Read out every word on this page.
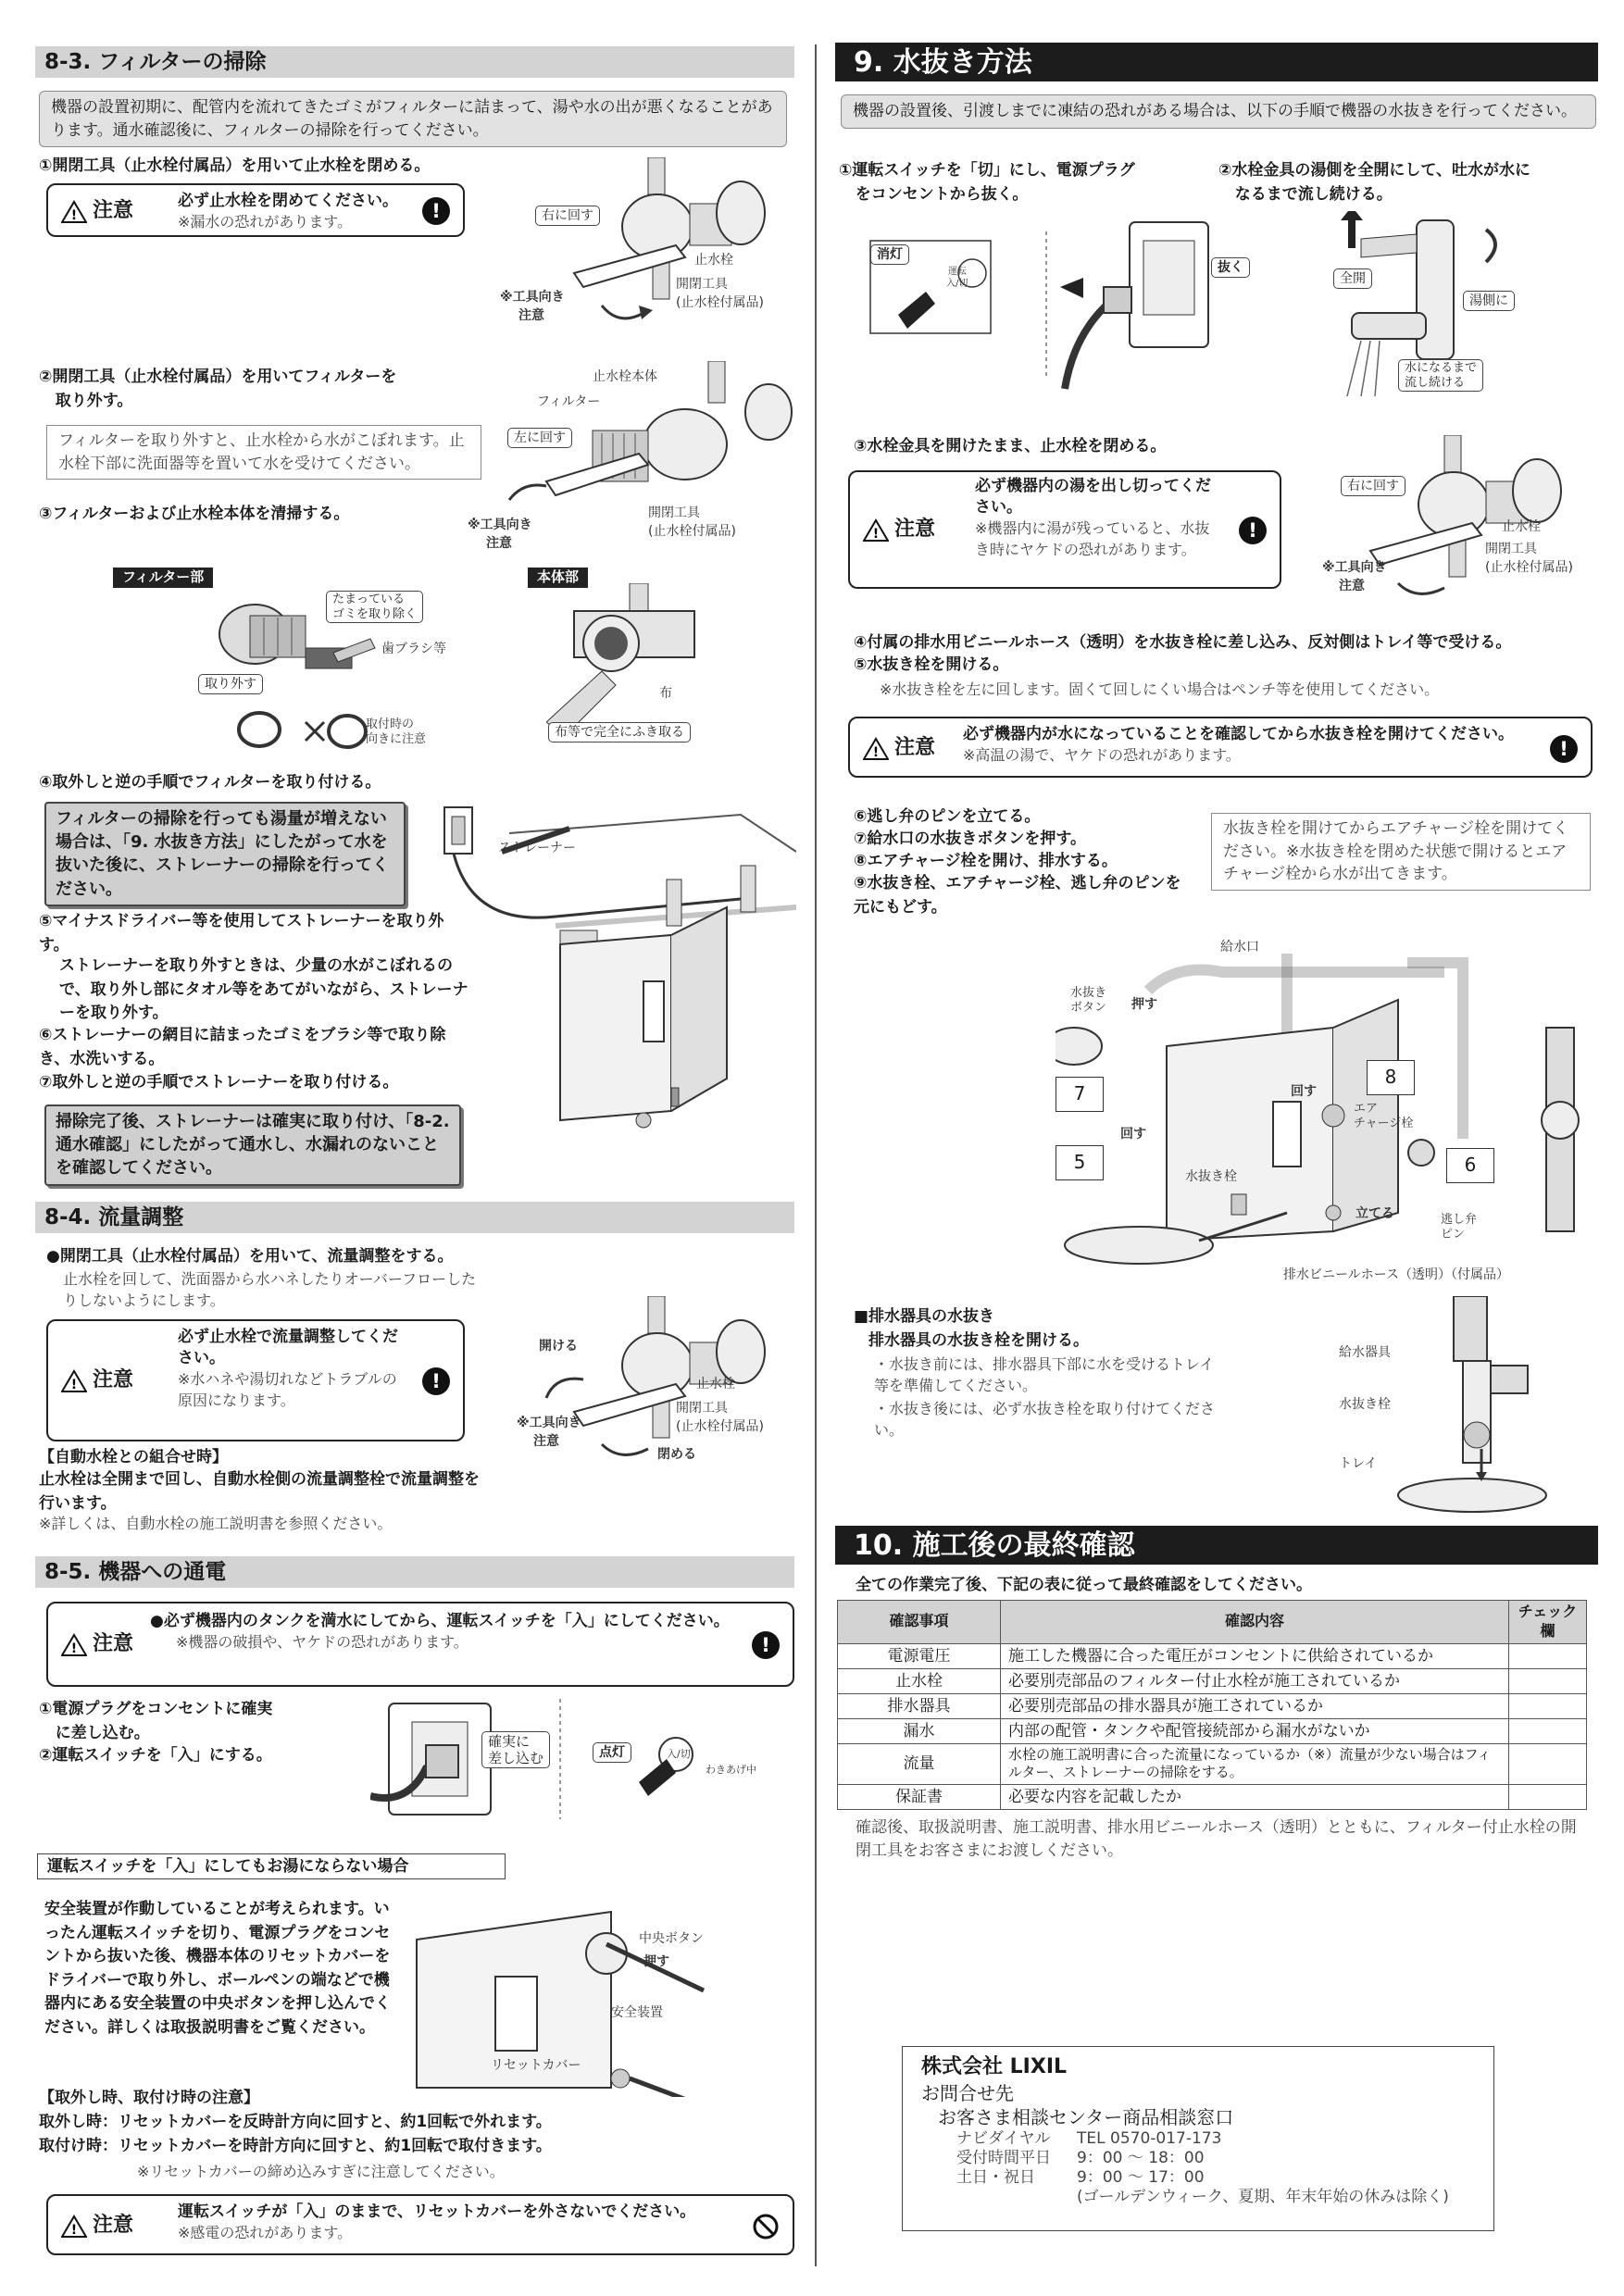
8-3. フィルターの掃除
機器の設置初期に、配管内を流れてきたゴミがフィルターに詰まって、湯や水の出が悪くなることがあります。通水確認後に、フィルターの掃除を行ってください。
①開閉工具（止水栓付属品）を用いて止水栓を閉める。
! 注意	必ず止水栓を閉めてください。
※漏水の恐れがあります。	!	右に回す
止水栓
開閉工具
(止水栓付属品)
※工具向き
注意
②開閉工具（止水栓付属品）を用いてフィルターを
取り外す。
フィルターを取り外すと、止水栓から水がこぼれます。止水栓下部に洗面器等を置いて水を受けてください。
止水栓本体
フィルター
左に回す
開閉工具
(止水栓付属品)
※工具向き
注意
③フィルターおよび止水栓本体を清掃する。
フィルター部	本体部
たまっている
ゴミを取り除く
歯ブラシ等
取り外す
取付時の
向きに注意
布
布等で完全にふき取る
④取外しと逆の手順でフィルターを取り付ける。
フィルターの掃除を行っても湯量が増えない場合は、「9. 水抜き方法」にしたがって水を抜いた後に、ストレーナーの掃除を行ってください。
⑤マイナスドライバー等を使用してストレーナーを取り外す。
ストレーナーを取り外すときは、少量の水がこぼれるので、取り外し部にタオル等をあてがいながら、ストレーナーを取り外す。
⑥ストレーナーの網目に詰まったゴミをブラシ等で取り除き、水洗いする。
⑦取外しと逆の手順でストレーナーを取り付ける。
掃除完了後、ストレーナーは確実に取り付け、「8-2. 通水確認」にしたがって通水し、水漏れのないことを確認してください。
ストレーナー
8-4. 流量調整
●開閉工具（止水栓付属品）を用いて、流量調整をする。
止水栓を回して、洗面器から水ハネしたりオーバーフローしたりしないようにします。
! 注意
必ず止水栓で流量調整してください。
※水ハネや湯切れなどトラブルの原因になります。
!
開ける
止水栓
開閉工具
(止水栓付属品)
※工具向き
注意
閉める
【自動水栓との組合せ時】
止水栓は全開まで回し、自動水栓側の流量調整栓で流量調整を行います。
※詳しくは、自動水栓の施工説明書を参照ください。
8-5. 機器への通電
! 注意
●必ず機器内のタンクを満水にしてから、運転スイッチを「入」にしてください。
※機器の破損や、ヤケドの恐れがあります。	!
①電源プラグをコンセントに確実
に差し込む。
②運転スイッチを「入」にする。
確実に
差し込む	点灯	入/切
わきあげ中
運転スイッチを「入」にしてもお湯にならない場合
安全装置が作動していることが考えられます。いったん運転スイッチを切り、電源プラグをコンセントから抜いた後、機器本体のリセットカバーをドライバーで取り外し、ボールペンの端などで機器内にある安全装置の中央ボタンを押し込んでください。詳しくは取扱説明書をご覧ください。
中央ボタン
押す
安全装置
リセットカバー
【取外し時、取付け時の注意】
取外し時：リセットカバーを反時計方向に回すと、約1回転で外れます。
取付け時：リセットカバーを時計方向に回すと、約1回転で取付きます。
※リセットカバーの締め込みすぎに注意してください。
! 注意
運転スイッチが「入」のままで、リセットカバーを外さないでください。
※感電の恐れがあります。
9. 水抜き方法
機器の設置後、引渡しまでに凍結の恐れがある場合は、以下の手順で機器の水抜きを行ってください。
①運転スイッチを「切」にし、電源プラグ
をコンセントから抜く。
②水栓金具の湯側を全開にして、吐水が水に
なるまで流し続ける。
消灯
運転
入/切
抜く
全開
湯側に
水になるまで
流し続ける
③水栓金具を開けたまま、止水栓を閉める。
! 注意
必ず機器内の湯を出し切ってください。
※機器内に湯が残っていると、水抜き時にヤケドの恐れがあります。
!
右に回す
止水栓
開閉工具
(止水栓付属品)
※工具向き
注意
④付属の排水用ビニールホース（透明）を水抜き栓に差し込み、反対側はトレイ等で受ける。
⑤水抜き栓を開ける。
※水抜き栓を左に回します。固くて回しにくい場合はペンチ等を使用してください。
! 注意
必ず機器内が水になっていることを確認してから水抜き栓を開けてください。
※高温の湯で、ヤケドの恐れがあります。	!
⑥逃し弁のピンを立てる。
⑦給水口の水抜きボタンを押す。
⑧エアチャージ栓を開け、排水する。
⑨水抜き栓、エアチャージ栓、逃し弁のピンを元にもどす。
水抜き栓を開けてからエアチャージ栓を開けてください。※水抜き栓を閉めた状態で開けるとエアチャージ栓から水が出てきます。
給水口
水抜き
ボタン 押す
7	回す
8
エア
チャージ栓
回す
5
水抜き栓
6
立てる	逃し弁
ピン
排水ビニールホース（透明）（付属品）
■排水器具の水抜き
排水器具の水抜き栓を開ける。
・水抜き前には、排水器具下部に水を受けるトレイ等を準備してください。
・水抜き後には、必ず水抜き栓を取り付けてください。
給水器具
水抜き栓
トレイ
10. 施工後の最終確認
全ての作業完了後、下記の表に従って最終確認をしてください。
確認事項	確認内容	チェック欄
電源電圧	施工した機器に合った電圧がコンセントに供給されているか	
止水栓	必要別売部品のフィルター付止水栓が施工されているか	
排水器具	必要別売部品の排水器具が施工されているか	
漏水	内部の配管・タンクや配管接続部から漏水がないか	
流量	水栓の施工説明書に合った流量になっているか（※）流量が少ない場合はフィルター、ストレーナーの掃除をする。	
保証書	必要な内容を記載したか	
確認後、取扱説明書、施工説明書、排水用ビニールホース（透明）とともに、フィルター付止水栓の開閉工具をお客さまにお渡しください。
株式会社 LIXIL
お問合せ先
お客さま相談センター商品相談窓口
ナビダイヤル TEL 0570-017-173
受付時間平日 9：00 〜 18：00
土日・祝日	9：00 〜 17：00
(ゴールデンウィーク、夏期、年末年始の休みは除く)
